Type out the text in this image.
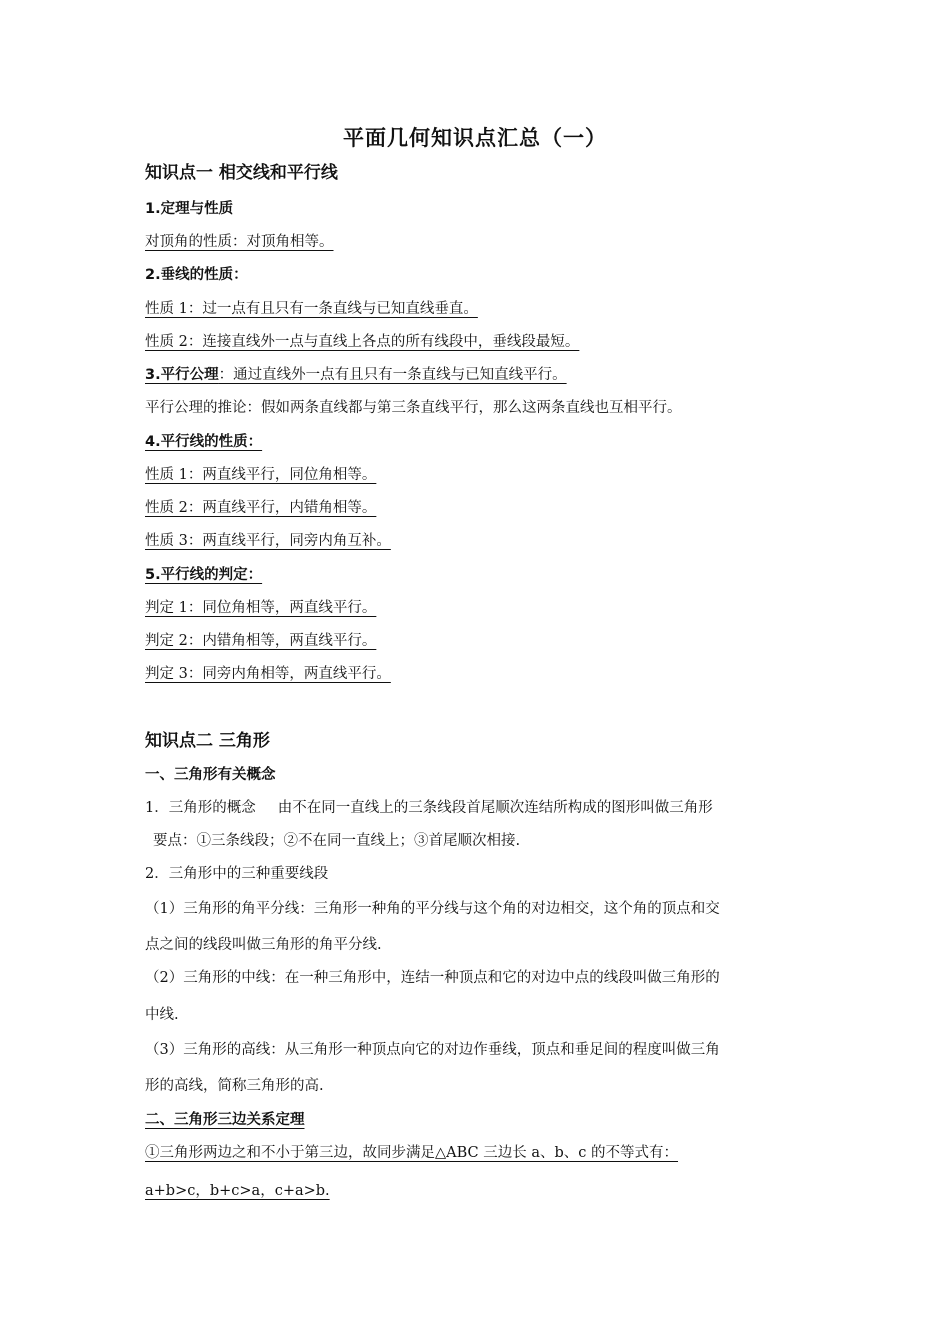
平面几何知识点汇总（一）
知识点一 相交线和平行线
1.定理与性质
对顶角的性质：对顶角相等。
2.垂线的性质：
性质 1：过一点有且只有一条直线与已知直线垂直。
性质 2：连接直线外一点与直线上各点的所有线段中，垂线段最短。
3.平行公理：通过直线外一点有且只有一条直线与已知直线平行。
平行公理的推论：假如两条直线都与第三条直线平行，那么这两条直线也互相平行。
4.平行线的性质：
性质 1：两直线平行，同位角相等。
性质 2：两直线平行，内错角相等。
性质 3：两直线平行，同旁内角互补。
5.平行线的判定：
判定 1：同位角相等，两直线平行。
判定 2：内错角相等，两直线平行。
判定 3：同旁内角相等，两直线平行。
知识点二 三角形
一、三角形有关概念
1．三角形的概念 由不在同一直线上的三条线段首尾顺次连结所构成的图形叫做三角形
要点：①三条线段；②不在同一直线上；③首尾顺次相接.
2．三角形中的三种重要线段
（1）三角形的角平分线：三角形一种角的平分线与这个角的对边相交，这个角的顶点和交
点之间的线段叫做三角形的角平分线.
（2）三角形的中线：在一种三角形中，连结一种顶点和它的对边中点的线段叫做三角形的
中线.
（3）三角形的高线：从三角形一种顶点向它的对边作垂线，顶点和垂足间的程度叫做三角
形的高线，简称三角形的高.
二、三角形三边关系定理
①三角形两边之和不小于第三边，故同步满足△ABC 三边长 a、b、c 的不等式有：
a+b>c，b+c>a，c+a>b.
